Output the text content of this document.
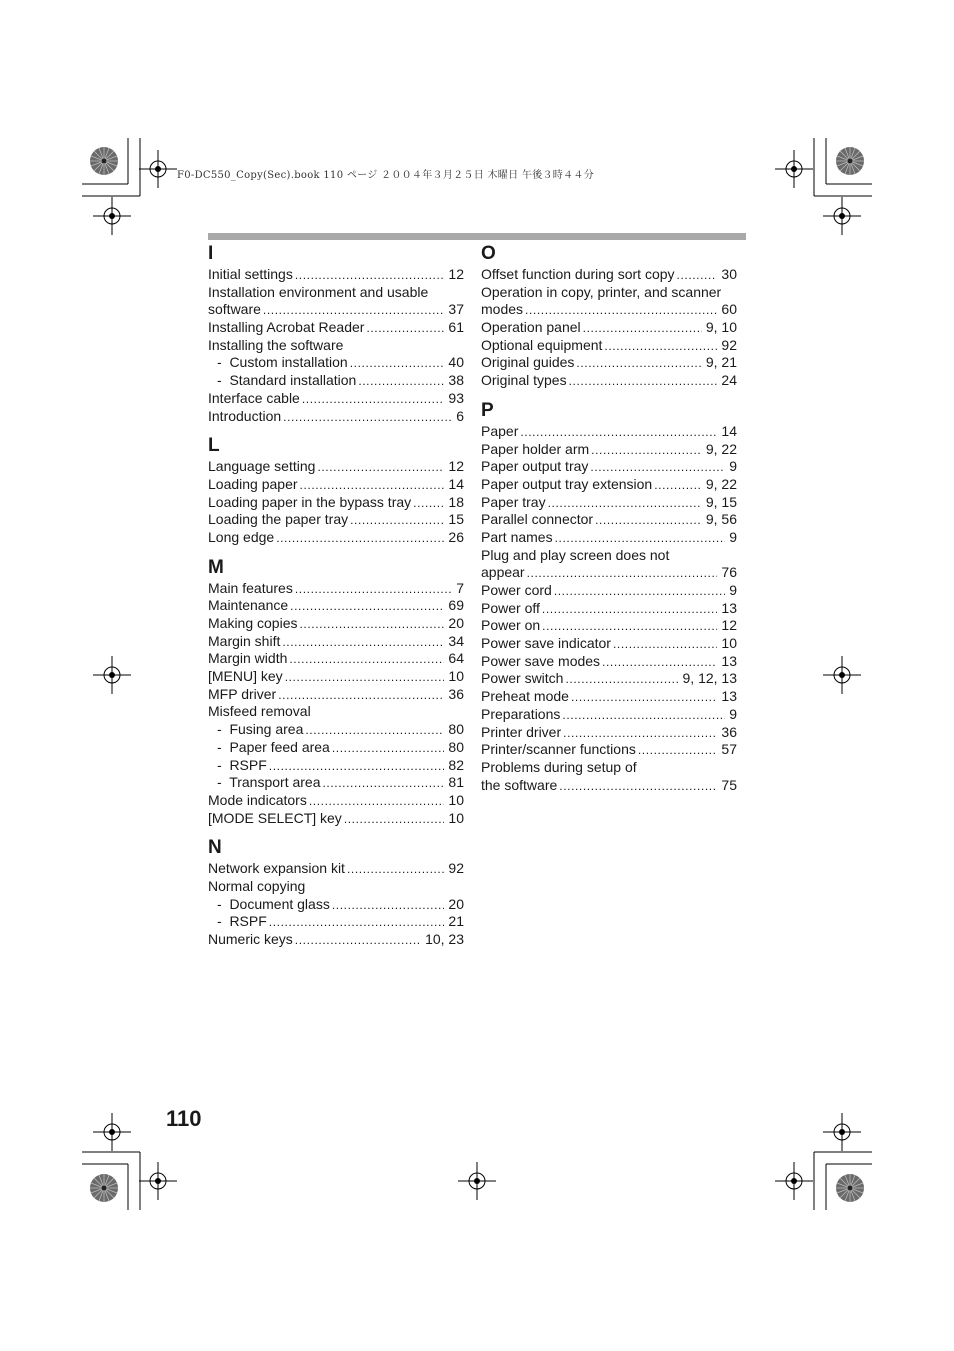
F0-DC550_Copy(Sec).book 110 ページ ２００４年３月２５日 木曜日 午後３時４４分
I
Initial settings .....	12
Installation environment and usable
software .....	37
Installing Acrobat Reader .....	61
Installing the software
-  Custom installation .....	40
-  Standard installation .....	38
Interface cable .....	93
Introduction .....	6
L
Language setting .....	12
Loading paper .....	14
Loading paper in the bypass tray .....	18
Loading the paper tray .....	15
Long edge .....	26
M
Main features .....	7
Maintenance .....	69
Making copies .....	20
Margin shift .....	34
Margin width .....	64
[MENU] key .....	10
MFP driver .....	36
Misfeed removal
-  Fusing area .....	80
-  Paper feed area .....	80
-  RSPF .....	82
-  Transport area .....	81
Mode indicators .....	10
[MODE SELECT] key .....	10
N
Network expansion kit .....	92
Normal copying
-  Document glass .....	20
-  RSPF .....	21
Numeric keys .....	10, 23
O
Offset function during sort copy .....	30
Operation in copy, printer, and scanner
modes .....	60
Operation panel .....	9, 10
Optional equipment .....	92
Original guides .....	9, 21
Original types .....	24
P
Paper .....	14
Paper holder arm .....	9, 22
Paper output tray .....	9
Paper output tray extension .....	9, 22
Paper tray .....	9, 15
Parallel connector .....	9, 56
Part names .....	9
Plug and play screen does not
appear .....	76
Power cord .....	9
Power off .....	13
Power on .....	12
Power save indicator .....	10
Power save modes .....	13
Power switch .....	9, 12, 13
Preheat mode .....	13
Preparations .....	9
Printer driver .....	36
Printer/scanner functions .....	57
Problems during setup of
the software .....	75
110
